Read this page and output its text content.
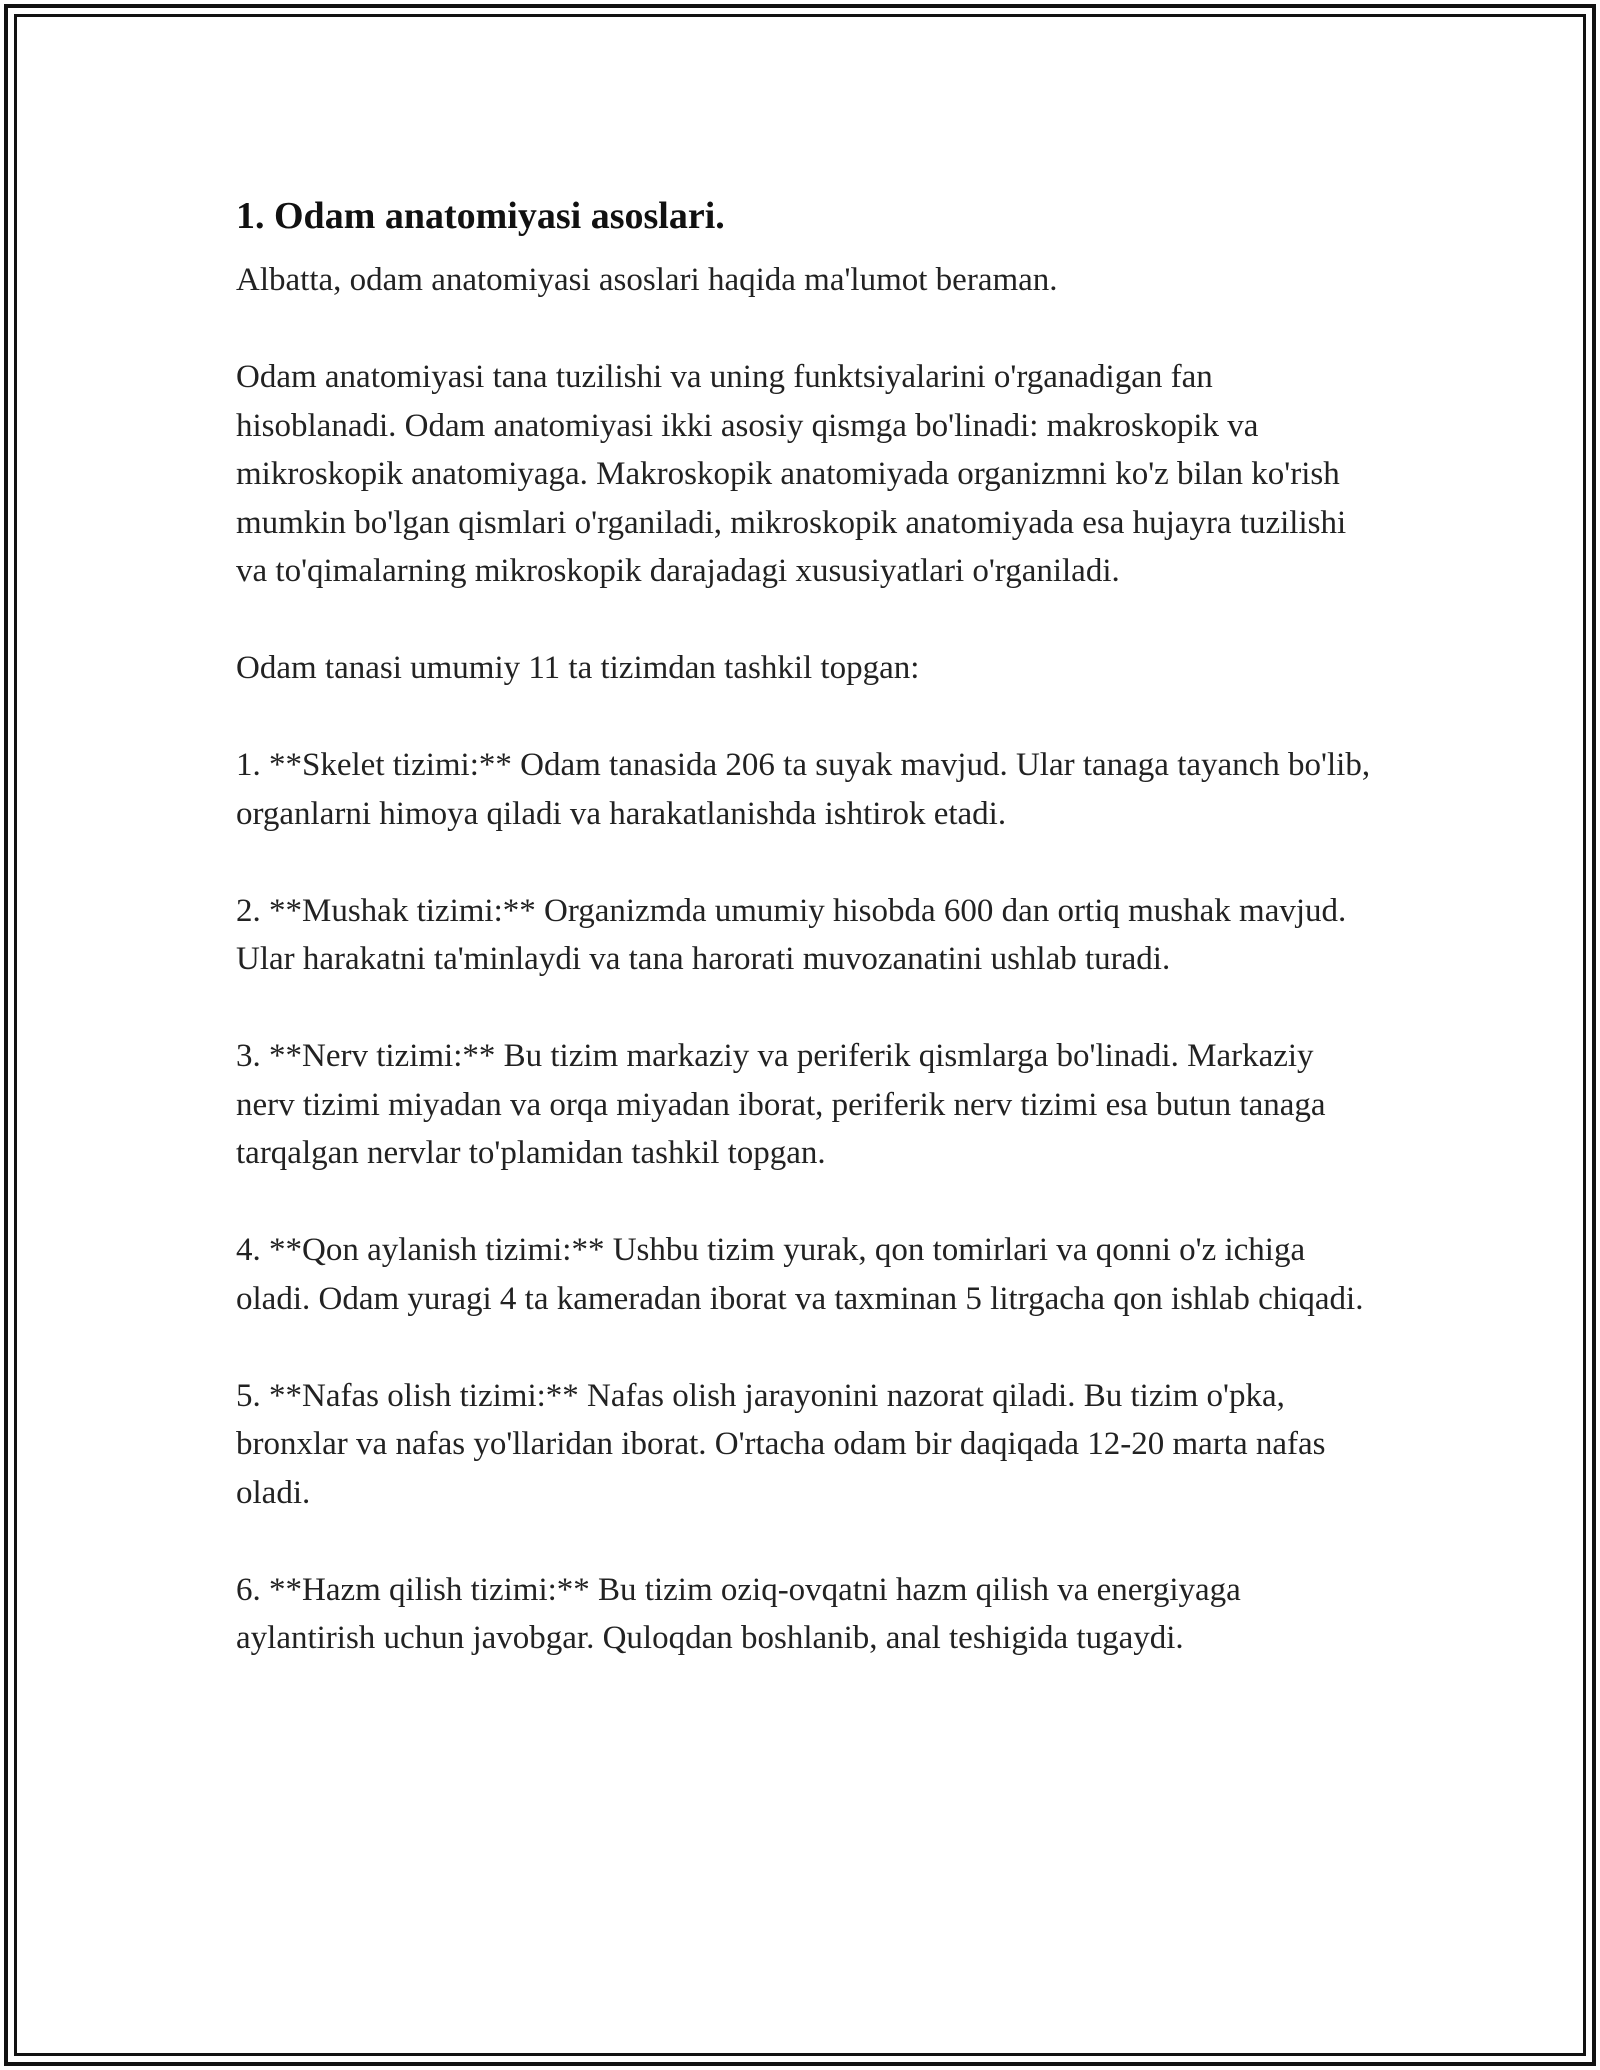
1. Odam anatomiyasi asoslari.

Albatta, odam anatomiyasi asoslari haqida ma'lumot beraman.

Odam anatomiyasi tana tuzilishi va uning funktsiyalarini o'rganadigan fan hisoblanadi. Odam anatomiyasi ikki asosiy qismga bo'linadi: makroskopik va mikroskopik anatomiyaga. Makroskopik anatomiyada organizmni ko'z bilan ko'rish mumkin bo'lgan qismlari o'rganiladi, mikroskopik anatomiyada esa hujayra tuzilishi va to'qimalarning mikroskopik darajadagi xususiyatlari o'rganiladi.

Odam tanasi umumiy 11 ta tizimdan tashkil topgan:

1. **Skelet tizimi:** Odam tanasida 206 ta suyak mavjud. Ular tanaga tayanch bo'lib, organlarni himoya qiladi va harakatlanishda ishtirok etadi.

2. **Mushak tizimi:** Organizmda umumiy hisobda 600 dan ortiq mushak mavjud. Ular harakatni ta'minlaydi va tana harorati muvozanatini ushlab turadi.

3. **Nerv tizimi:** Bu tizim markaziy va periferik qismlarga bo'linadi. Markaziy nerv tizimi miyadan va orqa miyadan iborat, periferik nerv tizimi esa butun tanaga tarqalgan nervlar to'plamidan tashkil topgan.

4. **Qon aylanish tizimi:** Ushbu tizim yurak, qon tomirlari va qonni o'z ichiga oladi. Odam yuragi 4 ta kameradan iborat va taxminan 5 litrgacha qon ishlab chiqadi.

5. **Nafas olish tizimi:** Nafas olish jarayonini nazorat qiladi. Bu tizim o'pka, bronxlar va nafas yo'llaridan iborat. O'rtacha odam bir daqiqada 12-20 marta nafas oladi.

6. **Hazm qilish tizimi:** Bu tizim oziq-ovqatni hazm qilish va energiyaga aylantirish uchun javobgar. Quloqdan boshlanib, anal teshigida tugaydi.
